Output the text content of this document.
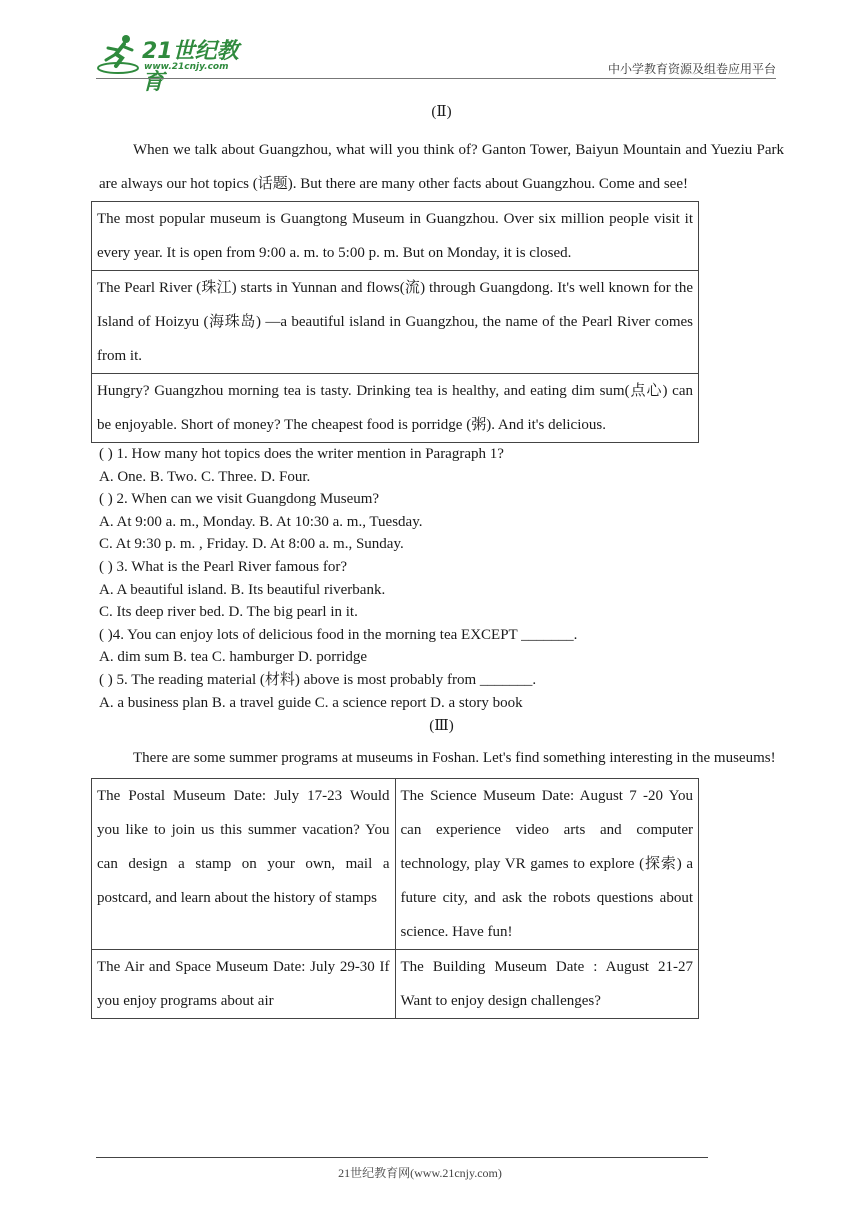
21世纪教育
www.21cnjy.com	中小学教育资源及组卷应用平台

(Ⅱ)

When we talk about Guangzhou, what will you think of? Ganton Tower, Baiyun Mountain and Yueziu Park are always our hot topics (话题). But there are many other facts about Guangzhou. Come and see!

The most popular museum is Guangtong Museum in Guangzhou. Over six million people visit it every year. It is open from 9:00 a. m. to 5:00 p. m. But on Monday, it is closed.
The Pearl River (珠江) starts in Yunnan and flows(流) through Guangdong. It's well known for the Island of Hoizyu (海珠岛) —a beautiful island in Guangzhou, the name of the Pearl River comes from it.
Hungry? Guangzhou morning tea is tasty. Drinking tea is healthy, and eating dim sum(点心) can be enjoyable. Short of money? The cheapest food is porridge (粥). And it's delicious.

( ) 1. How many hot topics does the writer mention in Paragraph 1?

A. One. B. Two. C. Three. D. Four.

( ) 2. When can we visit Guangdong Museum?

A. At 9:00 a. m., Monday. B. At 10:30 a. m., Tuesday.

C. At 9:30 p. m. , Friday. D. At 8:00 a. m., Sunday.

( ) 3. What is the Pearl River famous for?

A. A beautiful island. B. Its beautiful riverbank.

C. Its deep river bed. D. The big pearl in it.

( )4. You can enjoy lots of delicious food in the morning tea EXCEPT _______.

A. dim sum B. tea C. hamburger D. porridge

( ) 5. The reading material (材料) above is most probably from _______.

A. a business plan B. a travel guide C. a science report D. a story book

(Ⅲ)

There are some summer programs at museums in Foshan. Let's find something interesting in the museums!

The Postal Museum Date: July 17-23 Would you like to join us this summer vacation? You can design a stamp on your own, mail a postcard, and learn about the history of stamps	The Science Museum Date: August 7 -20 You can experience video arts and computer technology, play VR games to explore (探索) a future city, and ask the robots questions about science. Have fun!
The Air and Space Museum Date: July 29-30 If you enjoy programs about air	The Building Museum Date : August 21-27 Want to enjoy design challenges?
21世纪教育网(www.21cnjy.com)
